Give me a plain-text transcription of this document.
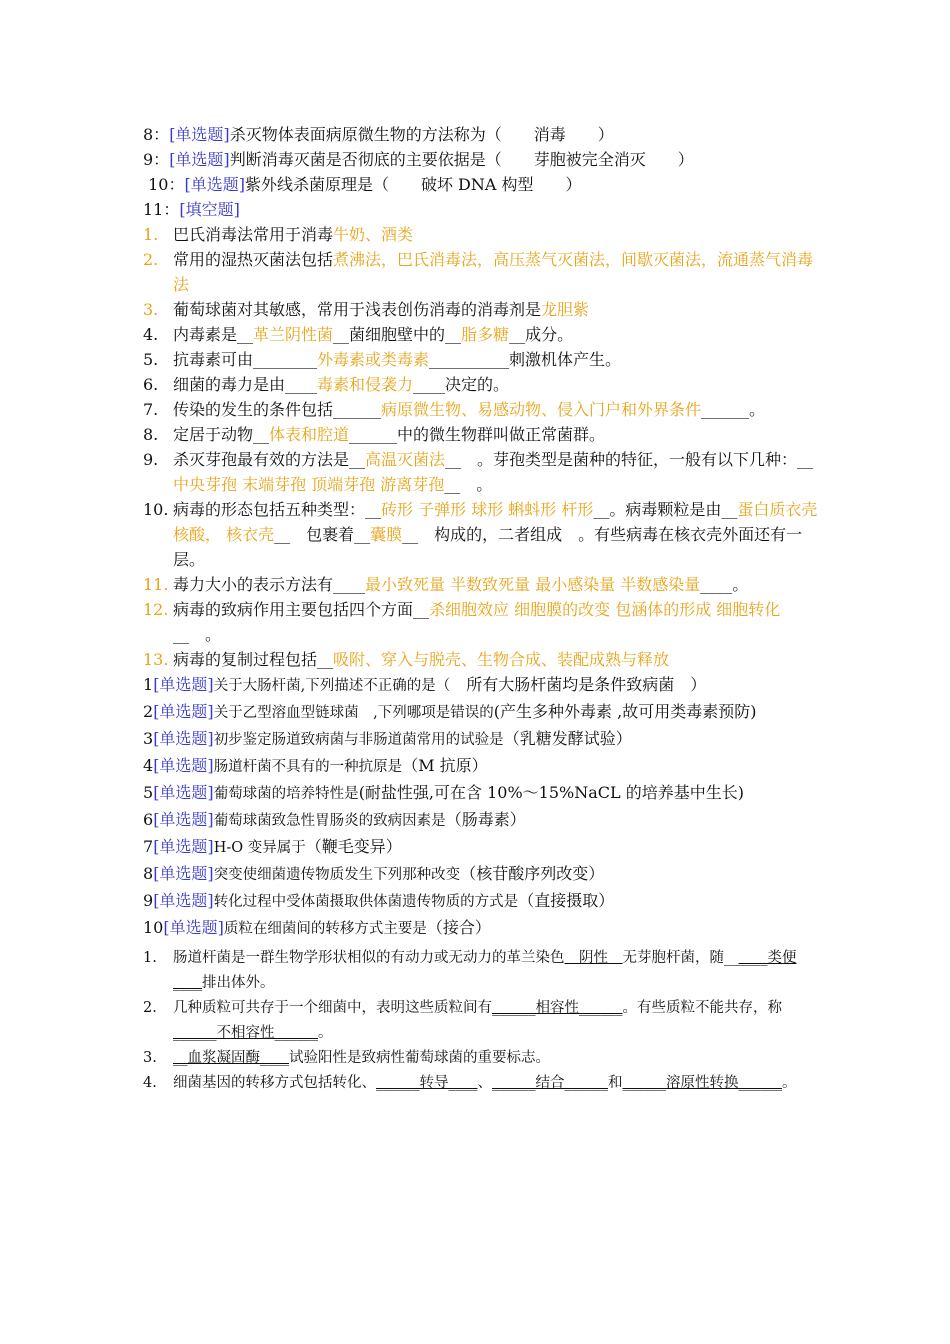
8：[单选题]杀灭物体表面病原微生物的方法称为（　　消毒　　）
9：[单选题]判断消毒灭菌是否彻底的主要依据是（　　芽胞被完全消灭　　）
10：[单选题]紫外线杀菌原理是（　　破坏 DNA 构型　　）
11：[填空题]
1. 巴氏消毒法常用于消毒牛奶、酒类
2. 常用的湿热灭菌法包括煮沸法，巴氏消毒法，高压蒸气灭菌法，间歇灭菌法，流通蒸气消毒法
3. 葡萄球菌对其敏感，常用于浅表创伤消毒的消毒剂是龙胆紫
4. 内毒素是__革兰阴性菌__菌细胞壁中的__脂多糖__成分。
5. 抗毒素可由________外毒素或类毒素__________刺激机体产生。
6. 细菌的毒力是由____毒素和侵袭力____决定的。
7. 传染的发生的条件包括______病原微生物、易感动物、侵入门户和外界条件______。
8. 定居于动物__体表和腔道______中的微生物群叫做正常菌群。
9. 杀灭芽孢最有效的方法是__高温灭菌法__　。芽孢类型是菌种的特征，一般有以下几种：__中央芽孢 末端芽孢 顶端芽孢 游离芽孢__　。
10. 病毒的形态包括五种类型：__砖形 子弹形 球形 蝌蚪形 杆形__。病毒颗粒是由__蛋白质衣壳 核酸， 核衣壳__　包裹着__囊膜__　构成的，二者组成　。有些病毒在核衣壳外面还有一层。
11. 毒力大小的表示方法有____最小致死量 半数致死量 最小感染量 半数感染量____。
12. 病毒的致病作用主要包括四个方面__杀细胞效应 细胞膜的改变 包涵体的形成 细胞转化__　。
13. 病毒的复制过程包括__吸附、穿入与脱壳、生物合成、装配成熟与释放
1[单选题]关于大肠杆菌,下列描述不正确的是（　所有大肠杆菌均是条件致病菌　）
2[单选题]关于乙型溶血型链球菌　,下列哪项是错误的(产生多种外毒素 ,故可用类毒素预防)
3[单选题]初步鉴定肠道致病菌与非肠道菌常用的试验是（乳糖发酵试验）
4[单选题]肠道杆菌不具有的一种抗原是（M 抗原）
5[单选题]葡萄球菌的培养特性是(耐盐性强,可在含 10%～15%NaCL 的培养基中生长)
6[单选题]葡萄球菌致急性胃肠炎的致病因素是（肠毒素）
7[单选题]H-O 变异属于（鞭毛变异）
8[单选题]突变使细菌遗传物质发生下列那种改变（核苷酸序列改变）
9[单选题]转化过程中受体菌摄取供体菌遗传物质的方式是（直接摄取）
10[单选题]质粒在细菌间的转移方式主要是（接合）
1.	肠道杆菌是一群生物学形状相似的有动力或无动力的革兰染色　阴性　无芽胞杆菌，随______类便____排出体外。
2.	几种质粒可共存于一个细菌中，表明这些质粒间有______相容性______。有些质粒不能共存，称______不相容性______。
3.	__血浆凝固酶____试验阳性是致病性葡萄球菌的重要标志。
4.	细菌基因的转移方式包括转化、______转导____、______结合______和______溶原性转换______。
